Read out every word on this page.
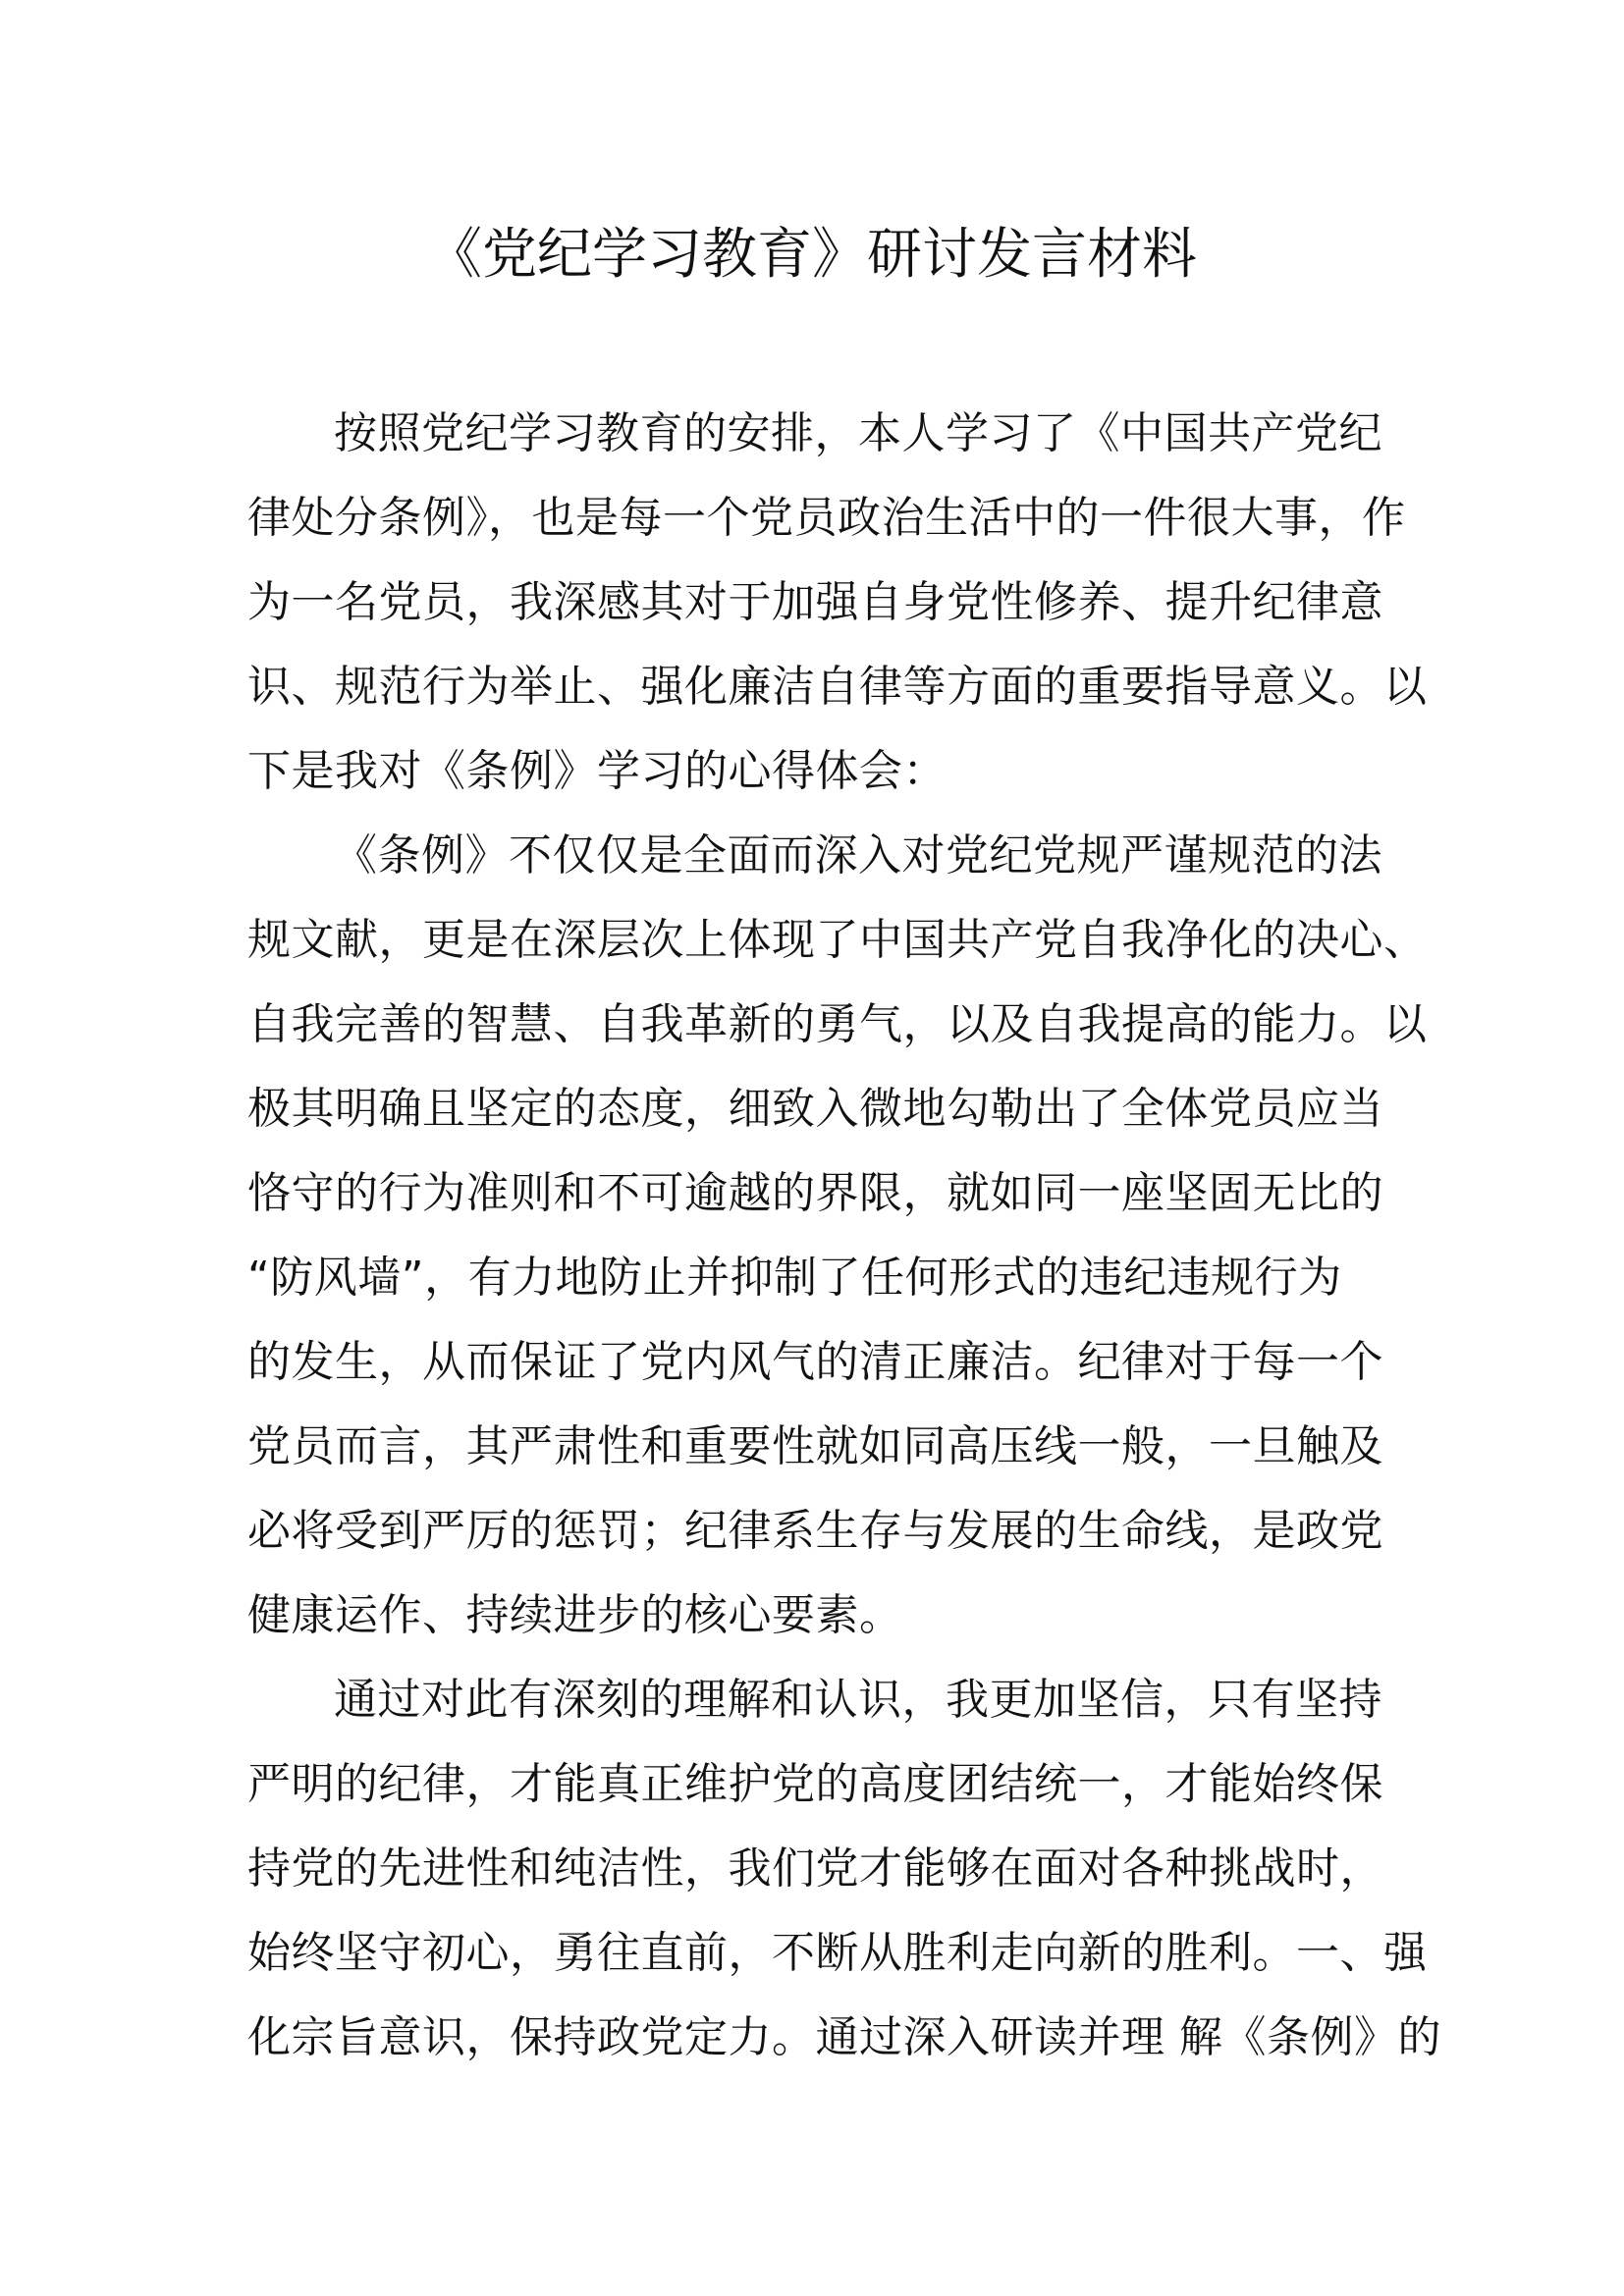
《党纪学习教育》研讨发言材料
按照党纪学习教育的安排，本人学习了《中国共产党纪
律处分条例》，也是每一个党员政治生活中的一件很大事，作
为一名党员，我深感其对于加强自身党性修养、提升纪律意
识、规范行为举止、强化廉洁自律等方面的重要指导意义。以
下是我对《条例》学习的心得体会：
《条例》不仅仅是全面而深入对党纪党规严谨规范的法
规文献，更是在深层次上体现了中国共产党自我净化的决心、
自我完善的智慧、自我革新的勇气，以及自我提高的能力。以
极其明确且坚定的态度，细致入微地勾勒出了全体党员应当
恪守的行为准则和不可逾越的界限，就如同一座坚固无比的
“防风墙”，有力地防止并抑制了任何形式的违纪违规行为
的发生，从而保证了党内风气的清正廉洁。纪律对于每一个
党员而言，其严肃性和重要性就如同高压线一般，一旦触及
必将受到严厉的惩罚；纪律系生存与发展的生命线，是政党
健康运作、持续进步的核心要素。
通过对此有深刻的理解和认识，我更加坚信，只有坚持
严明的纪律，才能真正维护党的高度团结统一，才能始终保
持党的先进性和纯洁性，我们党才能够在面对各种挑战时，
始终坚守初心，勇往直前，不断从胜利走向新的胜利。一、强
化宗旨意识，保持政党定力。通过深入研读并理 解《条例》的
